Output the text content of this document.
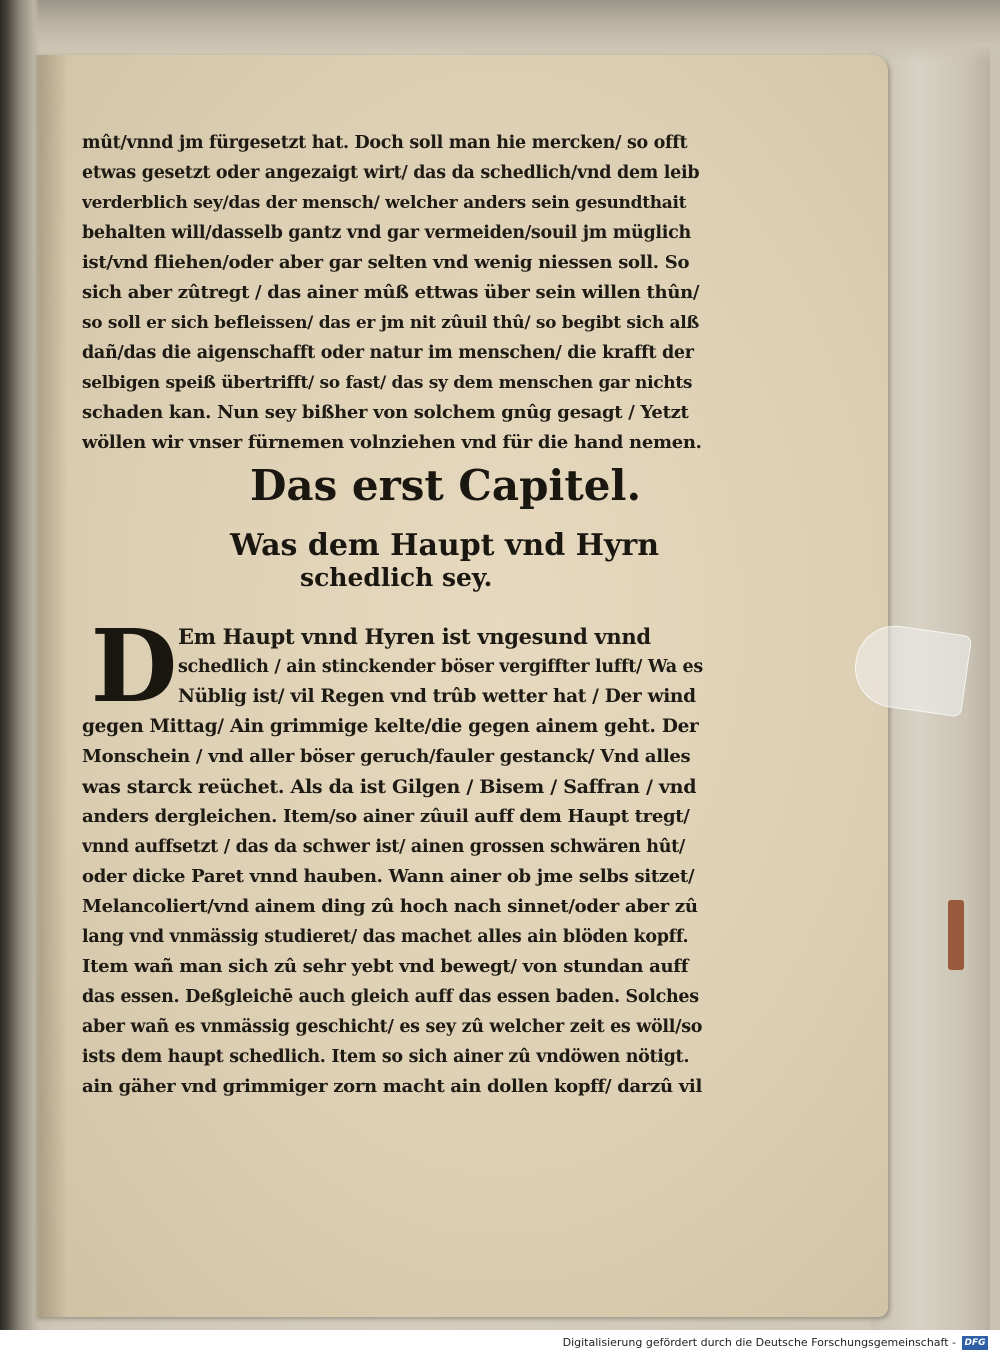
mût/vnnd jm fürgesetzt hat. Doch soll man hie mercken/ so offt
etwas gesetzt oder angezaigt wirt/ das da schedlich/vnd dem leib
verderblich sey/das der mensch/ welcher anders sein gesundthait
behalten will/dasselb gantz vnd gar vermeiden/souil jm müglich
ist/vnd fliehen/oder aber gar selten vnd wenig niessen soll. So
sich aber zûtregt / das ainer mûß ettwas über sein willen thûn/
so soll er sich befleissen/ das er jm nit zûuil thû/ so begibt sich alß
dañ/das die aigenschafft oder natur im menschen/ die krafft der
selbigen speiß übertrifft/ so fast/ das sy dem menschen gar nichts
schaden kan. Nun sey bißher von solchem gnûg gesagt / Yetzt
wöllen wir vnser fürnemen volnziehen vnd für die hand nemen.
Das erst Capitel.
Was dem Haupt vnd Hyrn
schedlich sey.
D Em Haupt vnnd Hyren ist vngesund vnnd
schedlich / ain stinckender böser vergiffter lufft/ Wa es
Nüblig ist/ vil Regen vnd trûb wetter hat / Der wind
gegen Mittag/ Ain grimmige kelte/die gegen ainem geht. Der
Monschein / vnd aller böser geruch/fauler gestanck/ Vnd alles
was starck reüchet. Als da ist Gilgen / Bisem / Saffran / vnd
anders dergleichen. Item/so ainer zûuil auff dem Haupt tregt/
vnnd auffsetzt / das da schwer ist/ ainen grossen schwären hût/
oder dicke Paret vnnd hauben. Wann ainer ob jme selbs sitzet/
Melancoliert/vnd ainem ding zû hoch nach sinnet/oder aber zû
lang vnd vnmässig studieret/ das machet alles ain blöden kopff.
Item wañ man sich zû sehr yebt vnd bewegt/ von stundan auff
das essen. Deßgleichē auch gleich auff das essen baden. Solches
aber wañ es vnmässig geschicht/ es sey zû welcher zeit es wöll/so
ists dem haupt schedlich. Item so sich ainer zû vndöwen nötigt.
ain gäher vnd grimmiger zorn macht ain dollen kopff/ darzû vil
Digitalisierung gefördert durch die Deutsche Forschungsgemeinschaft - DFG
